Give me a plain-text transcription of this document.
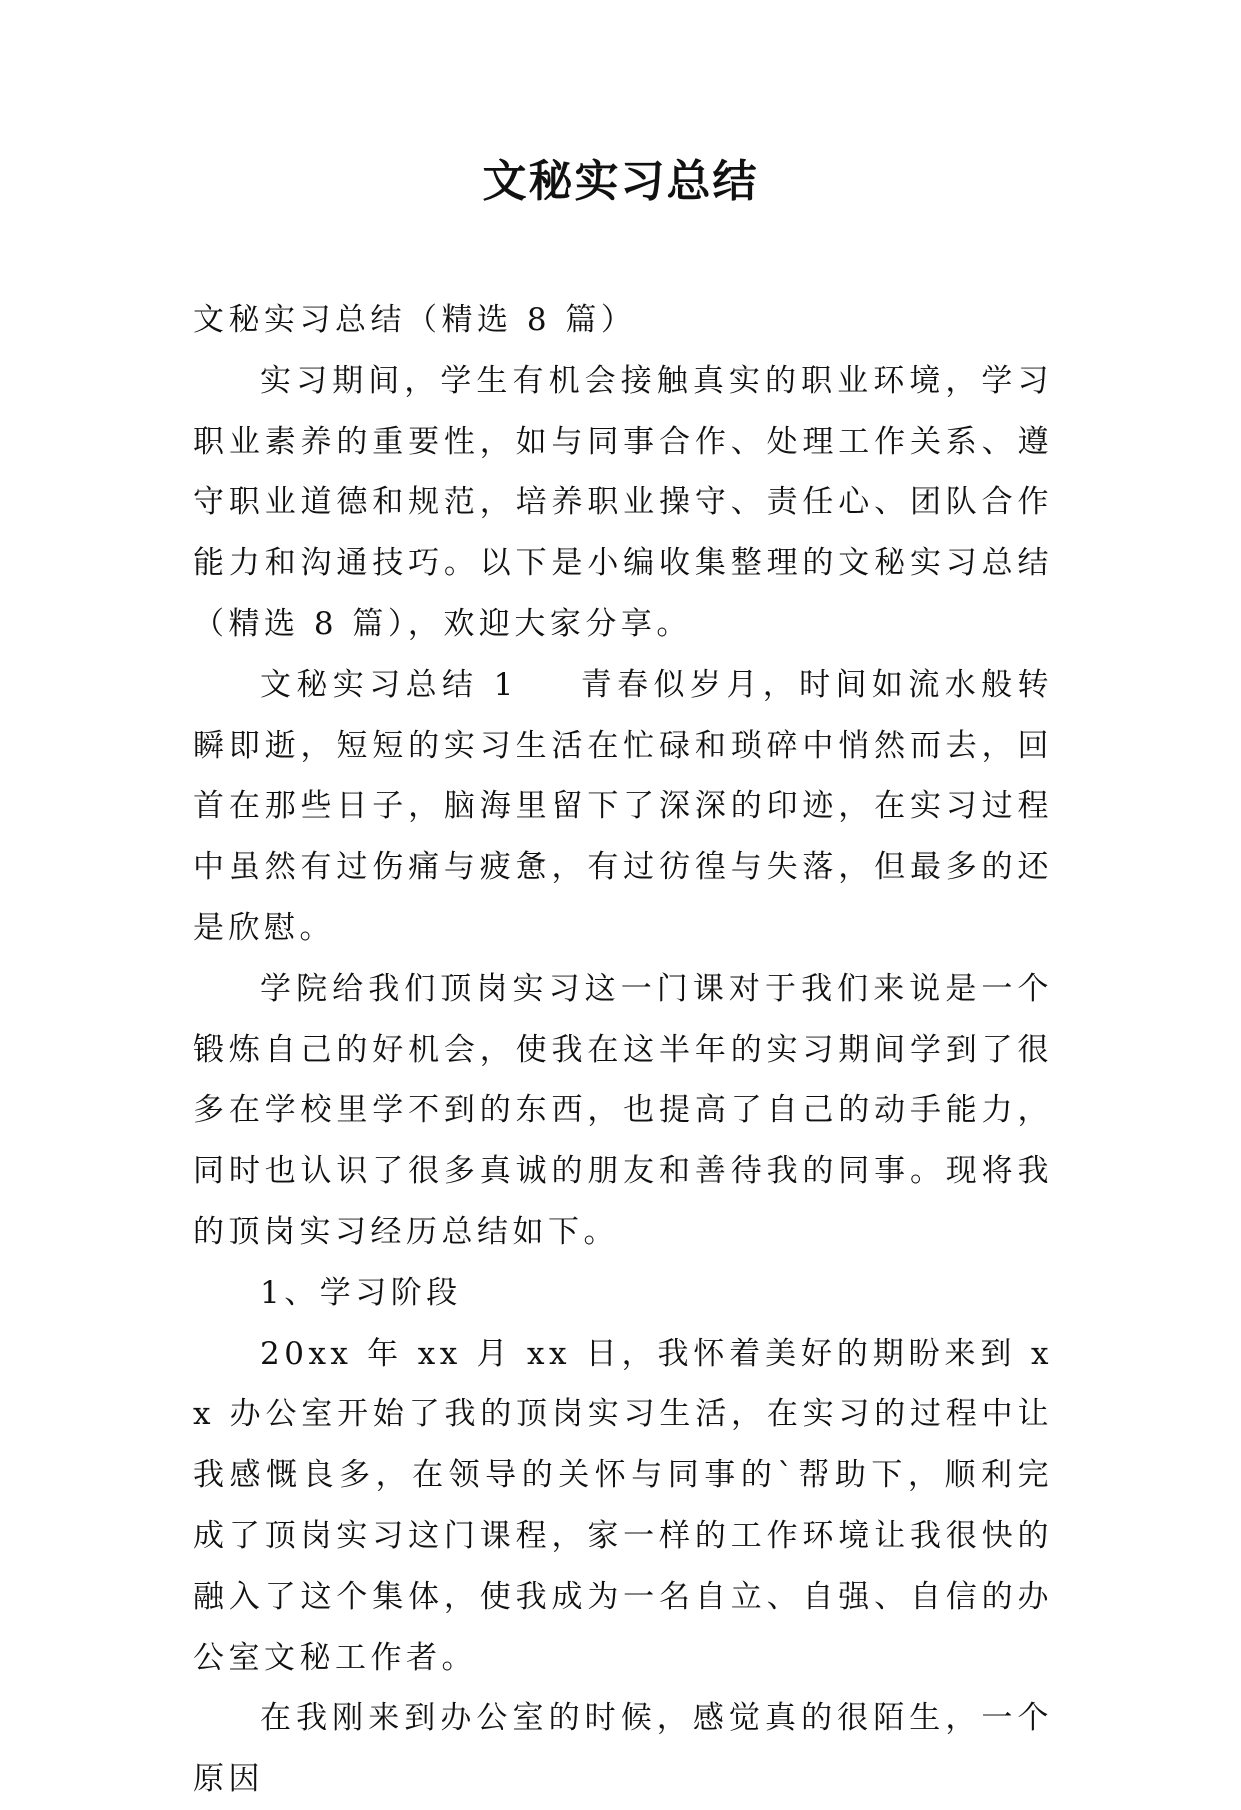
文秘实习总结

文秘实习总结（精选 8 篇）

实习期间，学生有机会接触真实的职业环境，学习职业素养的重要性，如与同事合作、处理工作关系、遵守职业道德和规范，培养职业操守、责任心、团队合作能力和沟通技巧。以下是小编收集整理的文秘实习总结（精选 8 篇），欢迎大家分享。

文秘实习总结 1 青春似岁月，时间如流水般转瞬即逝，短短的实习生活在忙碌和琐碎中悄然而去，回首在那些日子，脑海里留下了深深的印迹，在实习过程中虽然有过伤痛与疲惫，有过彷徨与失落，但最多的还是欣慰。

学院给我们顶岗实习这一门课对于我们来说是一个锻炼自己的好机会，使我在这半年的实习期间学到了很多在学校里学不到的东西，也提高了自己的动手能力，同时也认识了很多真诚的朋友和善待我的同事。现将我的顶岗实习经历总结如下。

1、学习阶段

20xx 年 xx 月 xx 日，我怀着美好的期盼来到 xx 办公室开始了我的顶岗实习生活，在实习的过程中让我感慨良多，在领导的关怀与同事的`帮助下，顺利完成了顶岗实习这门课程，家一样的工作环境让我很快的融入了这个集体，使我成为一名自立、自强、自信的办公室文秘工作者。

在我刚来到办公室的时候，感觉真的很陌生，一个原因
